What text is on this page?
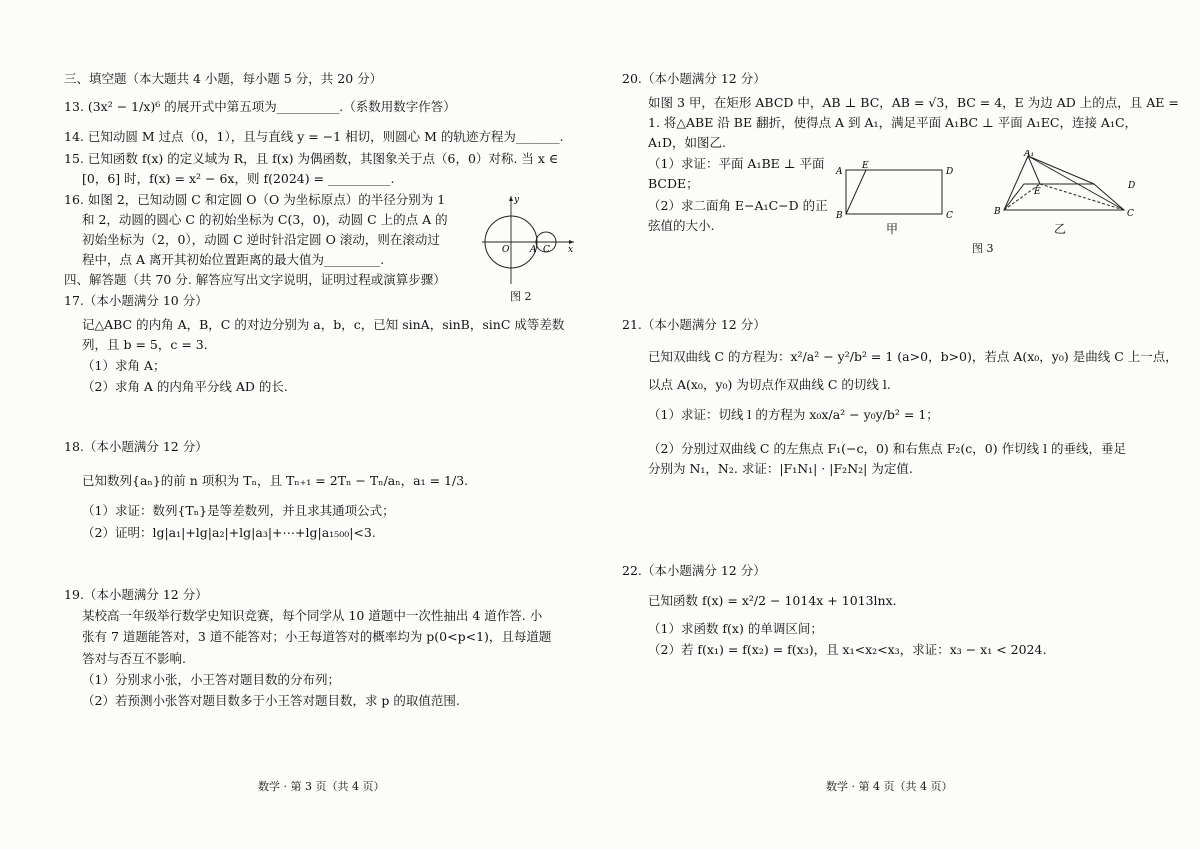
三、填空题（本大题共 4 小题，每小题 5 分，共 20 分）
13. (3x² − 1/x)⁶ 的展开式中第五项为__________.（系数用数字作答）
14. 已知动圆 M 过点（0，1），且与直线 y = −1 相切，则圆心 M 的轨迹方程为_______.
15. 已知函数 f(x) 的定义域为 R，且 f(x) 为偶函数，其图象关于点（6，0）对称. 当 x ∈
[0，6] 时，f(x) = x² − 6x，则 f(2024) = __________.
16. 如图 2，已知动圆 C 和定圆 O（O 为坐标原点）的半径分别为 1
和 2，动圆的圆心 C 的初始坐标为 C(3，0)，动圆 C 上的点 A 的
初始坐标为（2，0），动圆 C 逆时针沿定圆 O 滚动，则在滚动过
程中，点 A 离开其初始位置距离的最大值为_________.
四、解答题（共 70 分. 解答应写出文字说明，证明过程或演算步骤）
y
x
O A C
图 2
17.（本小题满分 10 分）
记△ABC 的内角 A，B，C 的对边分别为 a，b，c，已知 sinA，sinB，sinC 成等差数
列，且 b = 5，c = 3.
（1）求角 A；
（2）求角 A 的内角平分线 AD 的长.
18.（本小题满分 12 分）
已知数列{aₙ}的前 n 项积为 Tₙ，且 Tₙ₊₁ = 2Tₙ − Tₙ/aₙ，a₁ = 1/3.
（1）求证：数列{Tₙ}是等差数列，并且求其通项公式；
（2）证明：lg|a₁|+lg|a₂|+lg|a₃|+⋯+lg|a₁₅₀₀|<3.
19.（本小题满分 12 分）
某校高一年级举行数学史知识竞赛，每个同学从 10 道题中一次性抽出 4 道作答. 小
张有 7 道题能答对，3 道不能答对；小王每道答对的概率均为 p(0<p<1)，且每道题
答对与否互不影响.
（1）分别求小张，小王答对题目数的分布列；
（2）若预测小张答对题目数多于小王答对题目数，求 p 的取值范围.
数学 · 第 3 页（共 4 页）
20.（本小题满分 12 分）
如图 3 甲，在矩形 ABCD 中，AB ⊥ BC，AB = √3，BC = 4，E 为边 AD 上的点，且 AE =
1. 将△ABE 沿 BE 翻折，使得点 A 到 A₁，满足平面 A₁BC ⊥ 平面 A₁EC，连接 A₁C，
A₁D，如图乙.
（1）求证：平面 A₁BE ⊥ 平面
BCDE；
（2）求二面角 E−A₁C−D 的正
弦值的大小.
A
E
D
B	C
甲
A₁
E
D
B	C
乙
图 3
21.（本小题满分 12 分）
已知双曲线 C 的方程为：x²/a² − y²/b² = 1 (a>0，b>0)，若点 A(x₀，y₀) 是曲线 C 上一点，
以点 A(x₀，y₀) 为切点作双曲线 C 的切线 l.
（1）求证：切线 l 的方程为 x₀x/a² − y₀y/b² = 1；
（2）分别过双曲线 C 的左焦点 F₁(−c，0) 和右焦点 F₂(c，0) 作切线 l 的垂线，垂足
分别为 N₁，N₂. 求证：|F₁N₁| · |F₂N₂| 为定值.
22.（本小题满分 12 分）
已知函数 f(x) = x²/2 − 1014x + 1013lnx.
（1）求函数 f(x) 的单调区间；
（2）若 f(x₁) = f(x₂) = f(x₃)，且 x₁<x₂<x₃，求证：x₃ − x₁ < 2024.
数学 · 第 4 页（共 4 页）
